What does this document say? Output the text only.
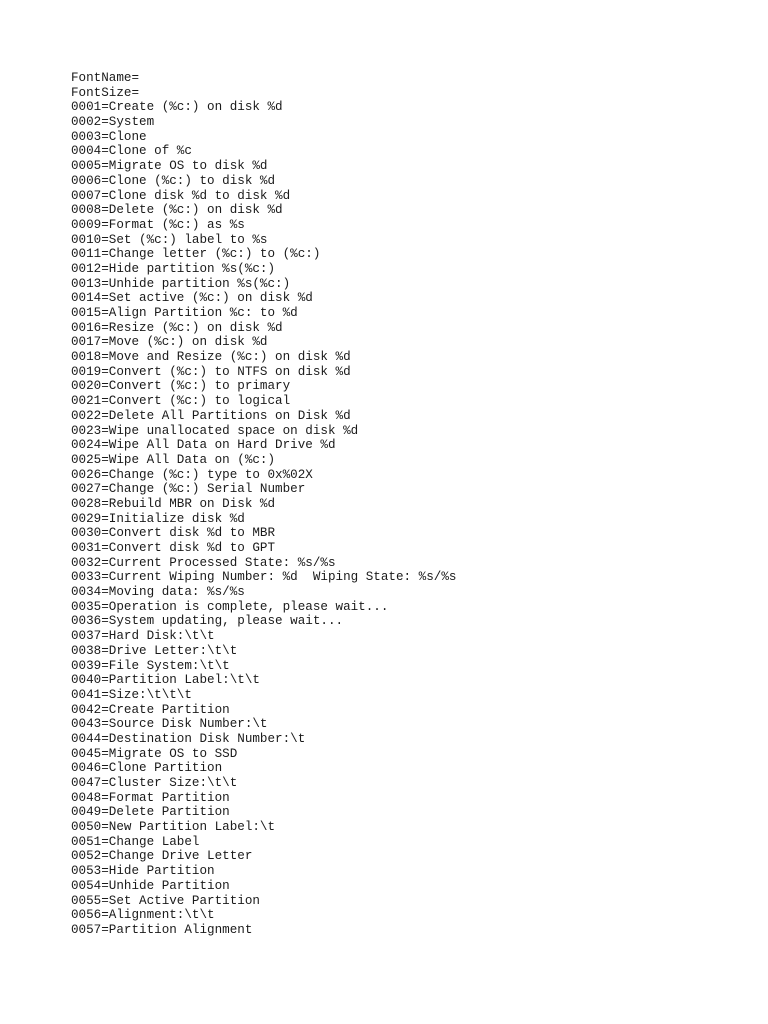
FontName=
FontSize=
0001=Create (%c:) on disk %d
0002=System
0003=Clone
0004=Clone of %c
0005=Migrate OS to disk %d
0006=Clone (%c:) to disk %d
0007=Clone disk %d to disk %d
0008=Delete (%c:) on disk %d
0009=Format (%c:) as %s
0010=Set (%c:) label to %s
0011=Change letter (%c:) to (%c:)
0012=Hide partition %s(%c:)
0013=Unhide partition %s(%c:)
0014=Set active (%c:) on disk %d
0015=Align Partition %c: to %d
0016=Resize (%c:) on disk %d
0017=Move (%c:) on disk %d
0018=Move and Resize (%c:) on disk %d
0019=Convert (%c:) to NTFS on disk %d
0020=Convert (%c:) to primary
0021=Convert (%c:) to logical
0022=Delete All Partitions on Disk %d
0023=Wipe unallocated space on disk %d
0024=Wipe All Data on Hard Drive %d
0025=Wipe All Data on (%c:)
0026=Change (%c:) type to 0x%02X
0027=Change (%c:) Serial Number
0028=Rebuild MBR on Disk %d
0029=Initialize disk %d
0030=Convert disk %d to MBR
0031=Convert disk %d to GPT
0032=Current Processed State: %s/%s
0033=Current Wiping Number: %d  Wiping State: %s/%s
0034=Moving data: %s/%s
0035=Operation is complete, please wait...
0036=System updating, please wait...
0037=Hard Disk:\t\t
0038=Drive Letter:\t\t
0039=File System:\t\t
0040=Partition Label:\t\t
0041=Size:\t\t\t
0042=Create Partition
0043=Source Disk Number:\t
0044=Destination Disk Number:\t
0045=Migrate OS to SSD
0046=Clone Partition
0047=Cluster Size:\t\t
0048=Format Partition
0049=Delete Partition
0050=New Partition Label:\t
0051=Change Label
0052=Change Drive Letter
0053=Hide Partition
0054=Unhide Partition
0055=Set Active Partition
0056=Alignment:\t\t
0057=Partition Alignment
